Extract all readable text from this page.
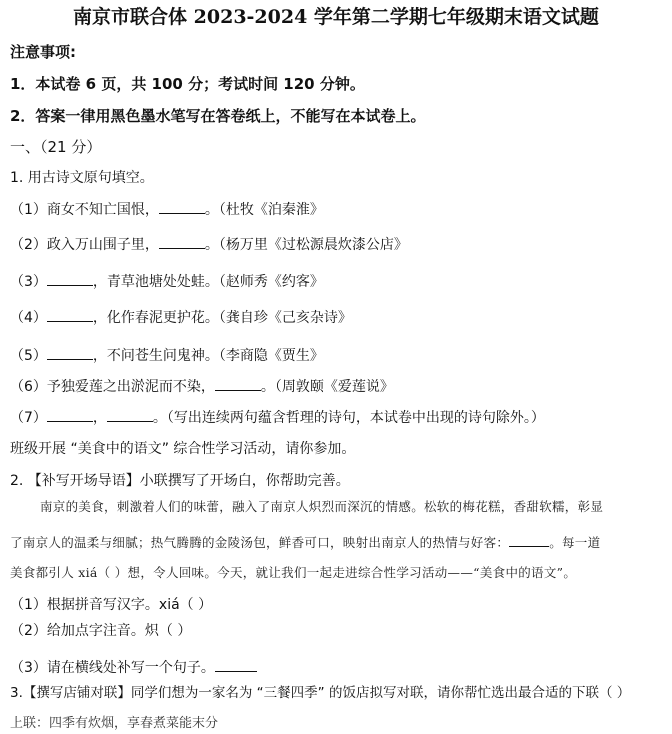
南京市联合体 2023-2024 学年第二学期七年级期末语文试题
注意事项:
1．本试卷 6 页，共 100 分；考试时间 120 分钟。
2．答案一律用黑色墨水笔写在答卷纸上，不能写在本试卷上。
一、（21 分）
1. 用古诗文原句填空。
（1）商女不知亡国恨，	。（杜牧《泊秦淮》
（2）政入万山围子里，	。（杨万里《过松源晨炊漆公店》
（3）	，青草池塘处处蛙。（赵师秀《约客》
（4）	，化作春泥更护花。（龚自珍《己亥杂诗》
（5）	，不问苍生问鬼神。（李商隐《贾生》
（6）予独爱莲之出淤泥而不染，	。（周敦颐《爱莲说》
（7）	，	。（写出连续两句蕴含哲理的诗句，本试卷中出现的诗句除外。）
班级开展 “美食中的语文” 综合性学习活动，请你参加。
2. 【补写开场导语】小联撰写了开场白，你帮助完善。
南京的美食，刺激着人们的味蕾，融入了南京人炽烈而深沉的情感。松软的梅花糕，香甜软糯，彰显
了南京人的温柔与细腻；热气腾腾的金陵汤包，鲜香可口，映射出南京人的热情与好客：	。每一道
美食都引人 xiá（ ）想，令人回味。今天，就让我们一起走进综合性学习活动——“美食中的语文”。
（1）根据拼音写汉字。xiá（ ）
（2）给加点字注音。炽（ ）
（3）请在横线处补写一个句子。
3.【撰写店铺对联】同学们想为一家名为 “三餐四季” 的饭店拟写对联，请你帮忙选出最合适的下联（ ）
上联：四季有炊烟，享春煮菜能末分
